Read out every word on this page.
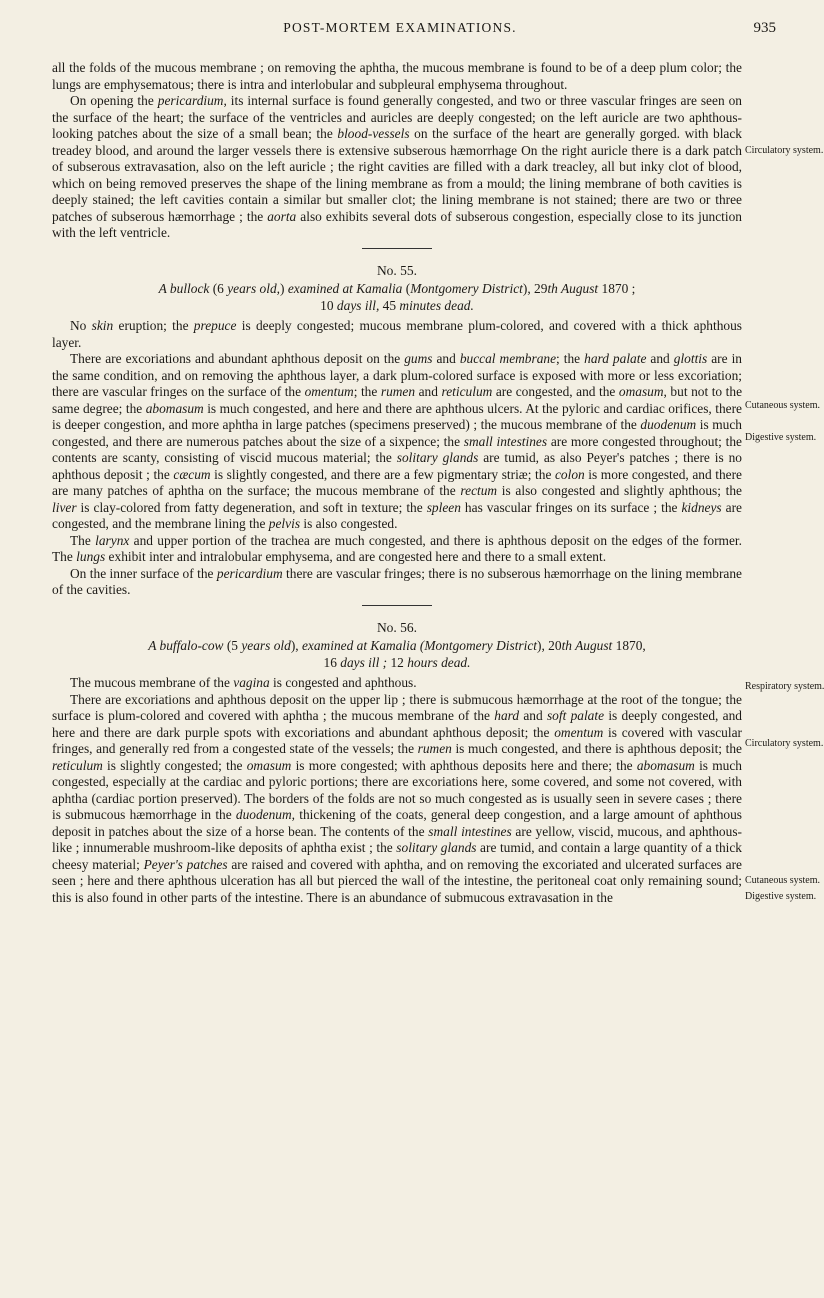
POST-MORTEM EXAMINATIONS.	935

all the folds of the mucous membrane ; on removing the aphtha, the mucous membrane is found to be of a deep plum color; the lungs are emphysematous; there is intra and interlobular and subpleural emphysema throughout.

On opening the pericardium, its internal surface is found generally congested, and two or three vascular fringes are seen on the surface of the heart; the surface of the ventricles and auricles are deeply congested; on the left auricle are two aphthous-looking patches about the size of a small bean; the blood-vessels on the surface of the heart are generally gorged. with black treadey blood, and around the larger vessels there is extensive subserous hæmorrhage On the right auricle there is a dark patch of subserous extravasation, also on the left auricle ; the right cavities are filled with a dark treacley, all but inky clot of blood, which on being removed preserves the shape of the lining membrane as from a mould; the lining membrane of both cavities is deeply stained; the left cavities contain a similar but smaller clot; the lining membrane is not stained; there are two or three patches of subserous hæmorrhage ; the aorta also exhibits several dots of subserous congestion, especially close to its junction with the left ventricle.

No. 55.

A bullock (6 years old,) examined at Kamalia (Montgomery District), 29th August 1870 ;
10 days ill, 45 minutes dead.

No skin eruption; the prepuce is deeply congested; mucous membrane plum-colored, and covered with a thick aphthous layer.

There are excoriations and abundant aphthous deposit on the gums and buccal membrane; the hard palate and glottis are in the same condition, and on removing the aphthous layer, a dark plum-colored surface is exposed with more or less excoriation; there are vascular fringes on the surface of the omentum; the rumen and reticulum are congested, and the omasum, but not to the same degree; the abomasum is much congested, and here and there are aphthous ulcers. At the pyloric and cardiac orifices, there is deeper congestion, and more aphtha in large patches (specimens preserved) ; the mucous membrane of the duodenum is much congested, and there are numerous patches about the size of a sixpence; the small intestines are more congested throughout; the contents are scanty, consisting of viscid mucous material; the solitary glands are tumid, as also Peyer's patches ; there is no aphthous deposit ; the cæcum is slightly congested, and there are a few pigmentary striæ; the colon is more congested, and there are many patches of aphtha on the surface; the mucous membrane of the rectum is also congested and slightly aphthous; the liver is clay-colored from fatty degeneration, and soft in texture; the spleen has vascular fringes on its surface ; the kidneys are congested, and the membrane lining the pelvis is also congested.

The larynx and upper portion of the trachea are much congested, and there is aphthous deposit on the edges of the former. The lungs exhibit inter and intralobular emphysema, and are congested here and there to a small extent.

On the inner surface of the pericardium there are vascular fringes; there is no subserous hæmorrhage on the lining membrane of the cavities.

No. 56.

A buffalo-cow (5 years old), examined at Kamalia (Montgomery District), 20th August 1870,
16 days ill ; 12 hours dead.

The mucous membrane of the vagina is congested and aphthous.

There are excoriations and aphthous deposit on the upper lip ; there is submucous hæmorrhage at the root of the tongue; the surface is plum-colored and covered with aphtha ; the mucous membrane of the hard and soft palate is deeply congested, and here and there are dark purple spots with excoriations and abundant aphthous deposit; the omentum is covered with vascular fringes, and generally red from a congested state of the vessels; the rumen is much congested, and there is aphthous deposit; the reticulum is slightly congested; the omasum is more congested; with aphthous deposits here and there; the abomasum is much congested, especially at the cardiac and pyloric portions; there are excoriations here, some covered, and some not covered, with aphtha (cardiac portion preserved). The borders of the folds are not so much congested as is usually seen in severe cases ; there is submucous hæmorrhage in the duodenum, thickening of the coats, general deep congestion, and a large amount of aphthous deposit in patches about the size of a horse bean. The contents of the small intestines are yellow, viscid, mucous, and aphthous-like ; innumerable mushroom-like deposits of aphtha exist ; the solitary glands are tumid, and contain a large quantity of a thick cheesy material; Peyer's patches are raised and covered with aphtha, and on removing the excoriated and ulcerated surfaces are seen ; here and there aphthous ulceration has all but pierced the wall of the intestine, the peritoneal coat only remaining sound; this is also found in other parts of the intestine. There is an abundance of submucous extravasation in the

Circulatory system.
Cutaneous system.
Digestive system.
Respiratory system.
Circulatory system.
Cutaneous system.
Digestive system.
